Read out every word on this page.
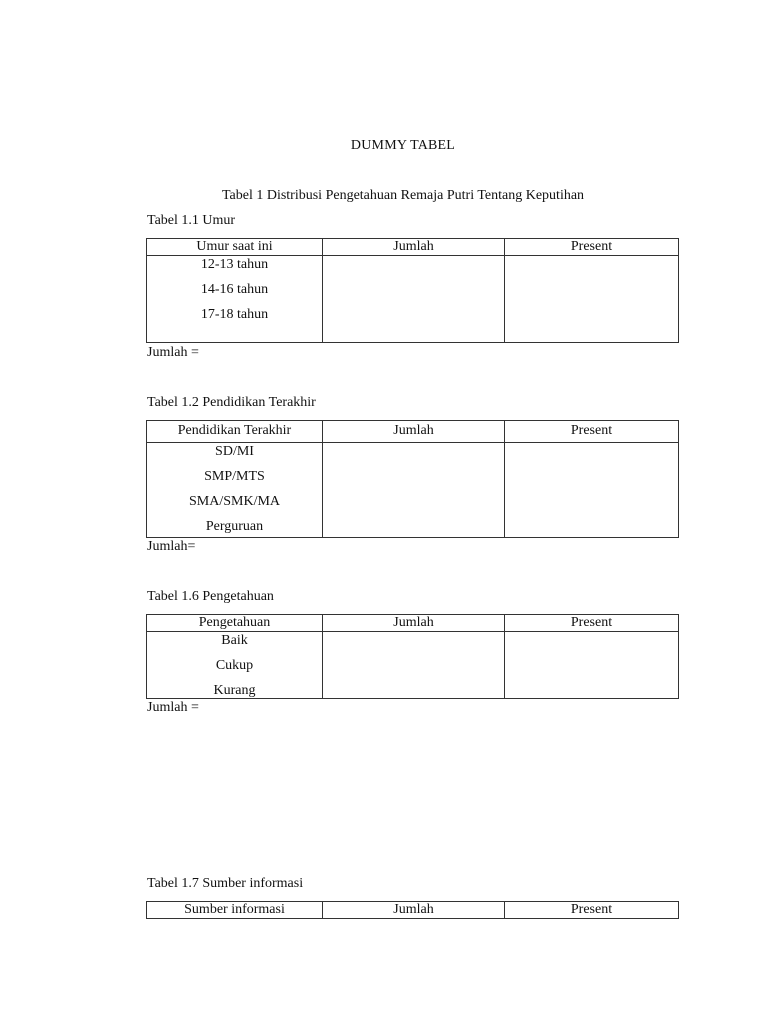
DUMMY TABEL
Tabel 1 Distribusi Pengetahuan Remaja Putri Tentang Keputihan
Tabel 1.1 Umur
Umur saat ini	Jumlah	Present

12-13 tahun
14-16 tahun
17-18 tahun		

Jumlah =
Tabel 1.2 Pendidikan Terakhir
Pendidikan Terakhir	Jumlah	Present

SD/MI
SMP/MTS
SMA/SMK/MA
Perguruan		

Jumlah=
Tabel 1.6 Pengetahuan
Pengetahuan	Jumlah	Present

Baik
Cukup
Kurang		

Jumlah =
Tabel 1.7 Sumber informasi
Sumber informasi	Jumlah	Present
